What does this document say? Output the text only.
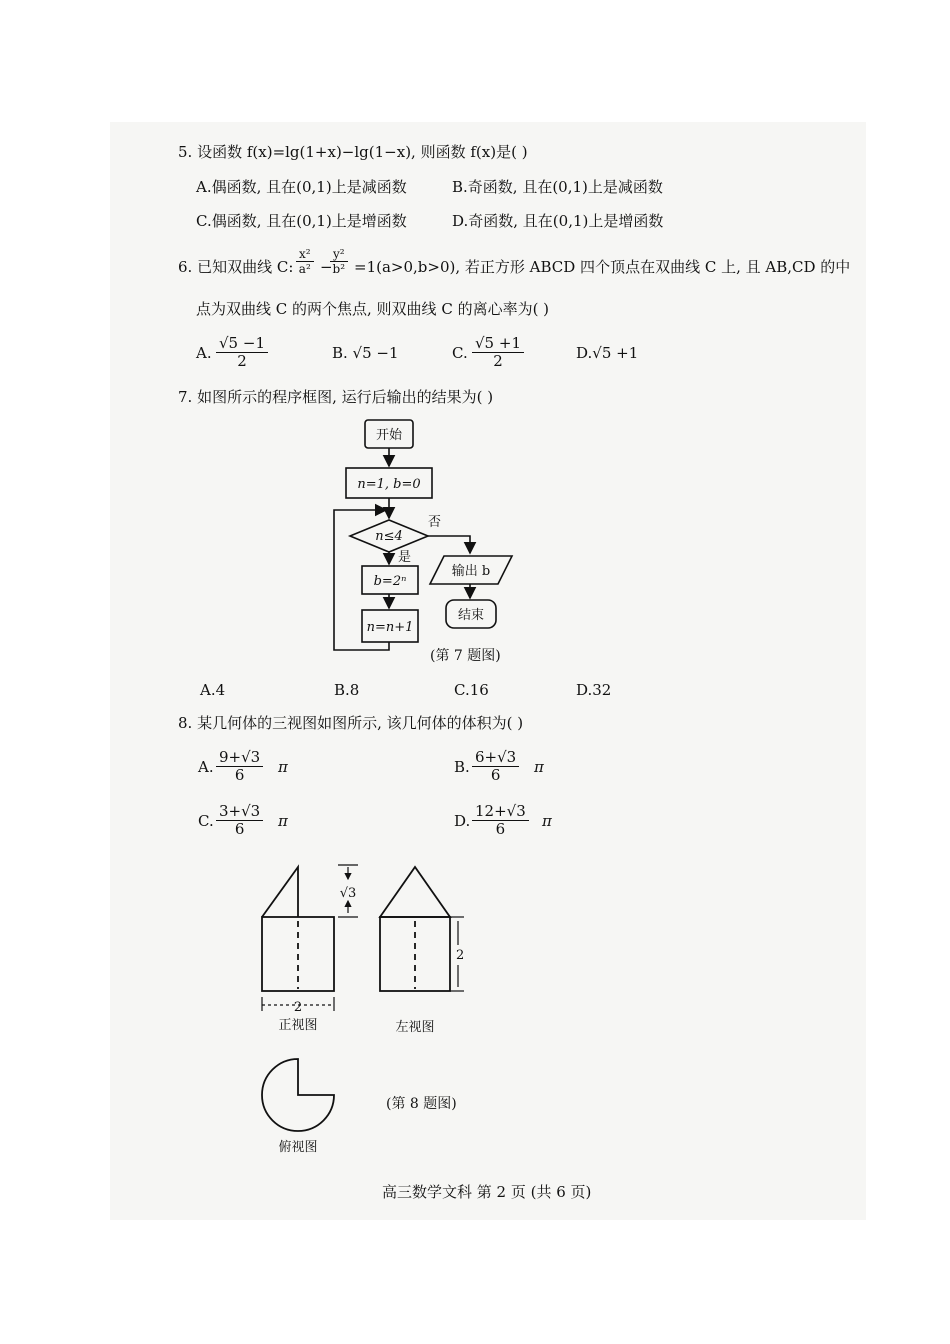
5. 设函数 f(x)=lg(1+x)−lg(1−x), 则函数 f(x)是( )
A.偶函数, 且在(0,1)上是减函数	B.奇函数, 且在(0,1)上是减函数
C.偶函数, 且在(0,1)上是增函数	D.奇函数, 且在(0,1)上是增函数
6. 已知双曲线 C: $\frac{\text{x²}}{\text{a²}}$ −
$\frac{\text{y²}}{\text{b²}} =1(a>0,b>0)$, 若正方形 ABCD 四个顶点在双曲线 C 上, 且 AB,CD 的中
点为双曲线 C 的两个焦点, 则双曲线 C 的离心率为( )
A. $\frac{√5 -1}{2}$	B. √5 −1	C. $\frac{√5 +1}{2}$	D.√5 +1
7. 如图所示的程序框图, 运行后输出的结果为( )
开始
n=1, b=0
n≤4
否
是
b=2ⁿ
n=n+1
输出 b
结束
(第 7 题图)
A.4	B.8	C.16	D.32
8. 某几何体的三视图如图所示, 该几何体的体积为( )
A. $\frac{9+√3}{6}$ π	B. $\frac{6+√3}{6}$ π
C. $\frac{3+√3}{6}$ π	D. $\frac{12+√3}{6}$ π
√3
2
2
正视图	左视图
俯视图
(第 8 题图)
高三数学文科 第 2 页 (共 6 页)
